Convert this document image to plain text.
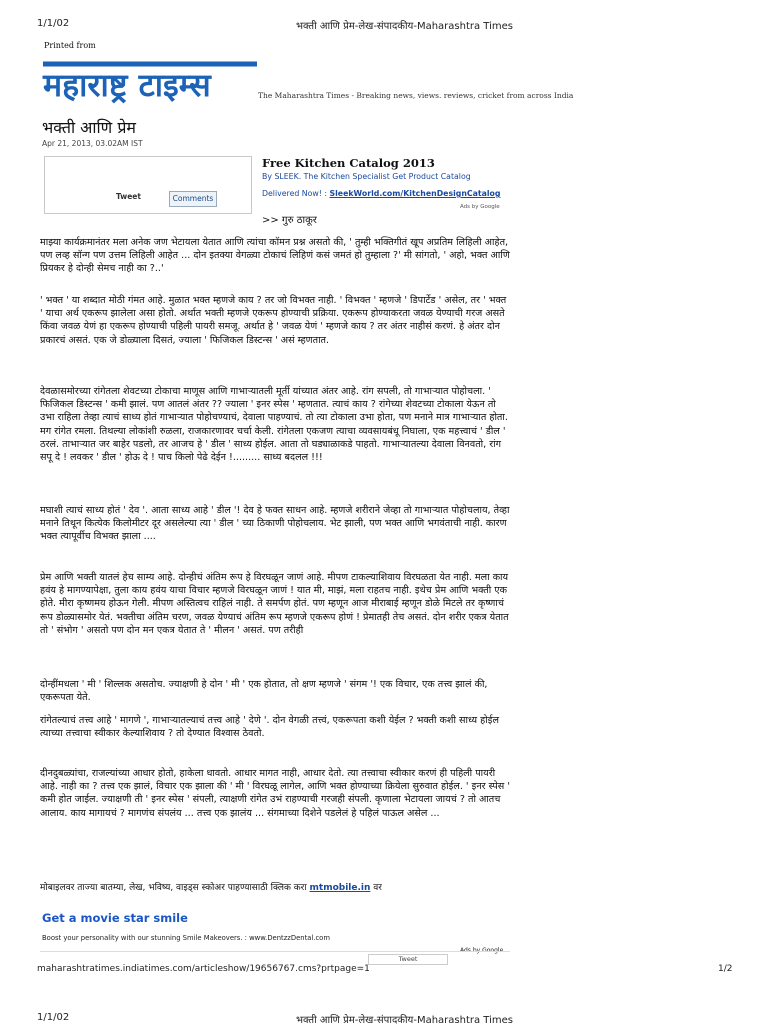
1/1/02	भक्ती आणि प्रेम-लेख-संपादकीय-Maharashtra Times
Printed from
महाराष्ट्र टाइम्स	The Maharashtra Times - Breaking news, views. reviews, cricket from across India
भक्ती आणि प्रेम
Apr 21, 2013, 03.02AM IST
Tweet	Comments
Free Kitchen Catalog 2013
By SLEEK. The Kitchen Specialist Get Product Catalog
Delivered Now! : SleekWorld.com/KitchenDesignCatalog
Ads by Google
>> गुरु ठाकूर
माझ्या कार्यक्रमानंतर मला अनेक जण भेटायला येतात आणि त्यांचा कॉमन प्रश्न असतो की, ' तुम्ही भक्तिगीतं खूप अप्रतिम लिहिली आहेत, पण लव्ह सॉन्ग पण उत्तम लिहिली आहेत ... दोन इतक्या वेगळ्या टोकाचं लिहिणं कसं जमतं हो तुम्हाला ?' मी सांगतो, ' अहो, भक्त आणि प्रियकर हे दोन्ही सेमच नाही का ?..'
' भक्त ' या शब्दात मोठी गंमत आहे. मुळात भक्त म्हणजे काय ? तर जो विभक्त नाही. ' विभक्त ' म्हणजे ' डिपार्टेड ' असेल, तर ' भक्त ' याचा अर्थ एकरूप झालेला असा होतो. अर्थात भक्ती म्हणजे एकरूप होण्याची प्रक्रिया. एकरूप होण्याकरता जवळ येण्याची गरज असते किंवा जवळ येणं हा एकरूप होण्याची पहिली पायरी समजू. अर्थात हे ' जवळ येणं ' म्हणजे काय ? तर अंतर नाहीसं करणं. हे अंतर दोन प्रकारचं असतं. एक जे डोळ्याला दिसतं, ज्याला ' फिजिकल डिस्टन्स ' असं म्हणतात.
देवळासमोरच्या रांगेतला शेवटच्या टोकाचा माणूस आणि गाभाऱ्यातली मूर्ती यांच्यात अंतर आहे. रांग सपली, तो गाभाऱ्यात पोहोचला. ' फिजिकल डिस्टन्स ' कमी झालं. पण आतलं अंतर ?? ज्याला ' इनर स्पेस ' म्हणतात. त्याचं काय ? रांगेच्या शेवटच्या टोकाला येऊन तो उभा राहिला तेव्हा त्याचं साध्य होतं गाभाऱ्यात पोहोचण्याचं, देवाला पाहण्याचं. तो त्या टोकाला उभा होता, पण मनाने मात्र गाभाऱ्यात होता. मग रांगेत रमला. तिथल्या लोकांशी रुळला, राजकारणावर चर्चा केली. रांगेतला एकजण त्याचा व्यवसायबंधू निघाला, एक महत्त्वाचं ' डील ' ठरलं. ताभाऱ्यात जर बाहेर पडलो, तर आजच हे ' डील ' साध्य होईल. आता तो घड्याळाकडे पाहतो. गाभाऱ्यातल्या देवाला विनवतो, रांग सपू दे ! लवकर ' डील ' होऊ दे ! पाच किलो पेढे देईन !......... साध्य बदलल !!!
मघाशी त्याचं साध्य होतं ' देव '. आता साध्य आहे ' डील '! देव हे फक्त साधन आहे. म्हणजे शरीराने जेव्हा तो गाभाऱ्यात पोहोचलाय, तेव्हा मनाने तिथून कित्येक किलोमीटर दूर असलेल्या त्या ' डील ' च्या ठिकाणी पोहोचलाय. भेट झाली, पण भक्त आणि भगवंताची नाही. कारण भक्त त्यापूर्वीच विभक्त झाला ....
प्रेम आणि भक्ती यातलं हेच साम्य आहे. दोन्हीचं अंतिम रूप हे विरघळून जाणं आहे. मीपण टाकल्याशिवाय विरघळता येत नाही. मला काय हवंय हे मागण्यापेक्षा, तुला काय हवंय याचा विचार म्हणजे विरघळून जाणं ! यात मी, माझं, मला राहतच नाही. इथेच प्रेम आणि भक्ती एक होते. मीरा कृष्णमय होऊन गेली. मीपण अस्तित्वच राहिलं नाही. ते समर्पण होतं. पण म्हणून आज मीराबाई म्हणून डोळे मिटले तर कृष्णाचं रूप डोळ्यासमोर येतं. भक्तीचा अंतिम चरण, जवळ येण्याचं अंतिम रूप म्हणजे एकरूप होणं ! प्रेमातही तेच असतं. दोन शरीर एकत्र येतात तो ' संभोग ' असतो पण दोन मन एकत्र येतात ते ' मीलन ' असतं. पण तरीही
दोन्हींमधला ' मी ' शिल्लक असतोच. ज्याक्षणी हे दोन ' मी ' एक होतात, तो क्षण म्हणजे ' संगम '! एक विचार, एक तत्त्व झालं की, एकरूपता येते.
रांगेतल्याचं तत्त्व आहे ' मागणे ', गाभाऱ्यातल्याचं तत्त्व आहे ' देणे '. दोन वेगळी तत्त्वं, एकरूपता कशी येईल ? भक्ती कशी साध्य होईल त्याच्या तत्त्वाचा स्वीकार केल्याशिवाय ? तो देण्यात विश्वास ठेवतो.
दीनदुबळ्यांचा, राजल्यांच्या आधार होतो, हाकेला धावतो. आधार मागत नाही, आधार देतो. त्या तत्त्वाचा स्वीकार करणं ही पहिली पायरी आहे. नाही का ? तत्त्व एक झालं, विचार एक झाला की ' मी ' विरघळू लागेल, आणि भक्त होण्याच्या क्रियेला सुरुवात होईल. ' इनर स्पेस ' कमी होत जाईल. ज्याक्षणी ती ' इनर स्पेस ' संपली, त्याक्षणी रांगेत उभं राहण्याची गरजही संपली. कृणाला भेटायला जायचं ? तो आतच आलाय. काय मागायचं ? मागणंच संपलंय ... तत्त्व एक झालंय ... संगमाच्या दिशेने पडलेलं हे पहिलं पाऊल असेल ...
मोबाइलवर ताज्या बातम्या, लेख, भविष्य, वाइड्स स्कोअर पाहण्यासाठी क्लिक करा mtmobile.in वर
Get a movie star smile
Boost your personality with our stunning Smile Makeovers. : www.DentzzDental.com
Ads by Google
Tweet
maharashtratimes.indiatimes.com/articleshow/19656767.cms?prtpage=1	1/2
1/1/02	भक्ती आणि प्रेम-लेख-संपादकीय-Maharashtra Times
